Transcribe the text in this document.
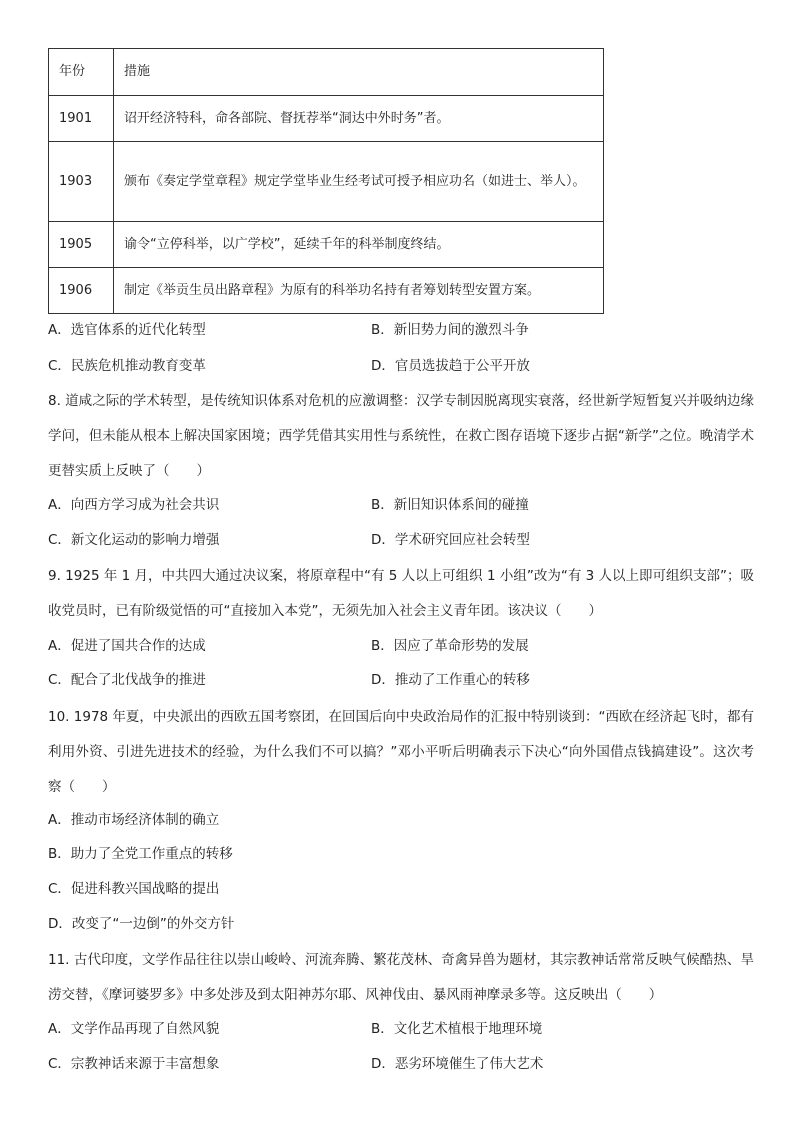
年份	措施
1901	诏开经济特科，命各部院、督抚荐举“洞达中外时务”者。
1903	颁布《奏定学堂章程》规定学堂毕业生经考试可授予相应功名（如进士、举人）。
1905	谕令“立停科举，以广学校”，延续千年的科举制度终结。
1906	制定《举贡生员出路章程》为原有的科举功名持有者筹划转型安置方案。
A．选官体系的近代化转型	B．新旧势力间的激烈斗争
C．民族危机推动教育变革	D．官员选拔趋于公平开放
8. 道咸之际的学术转型，是传统知识体系对危机的应激调整：汉学专制因脱离现实衰落，经世新学短暂复兴并吸纳边缘学问，但未能从根本上解决国家困境；西学凭借其实用性与系统性，在救亡图存语境下逐步占据“新学”之位。晚清学术更替实质上反映了（　　）
A．向西方学习成为社会共识	B．新旧知识体系间的碰撞
C．新文化运动的影响力增强	D．学术研究回应社会转型
9. 1925 年 1 月，中共四大通过决议案，将原章程中“有 5 人以上可组织 1 小组”改为“有 3 人以上即可组织支部”；吸收党员时，已有阶级觉悟的可“直接加入本党”，无须先加入社会主义青年团。该决议（　　）
A．促进了国共合作的达成	B．因应了革命形势的发展
C．配合了北伐战争的推进	D．推动了工作重心的转移
10. 1978 年夏，中央派出的西欧五国考察团，在回国后向中央政治局作的汇报中特别谈到：“西欧在经济起飞时，都有利用外资、引进先进技术的经验，为什么我们不可以搞？”邓小平听后明确表示下决心“向外国借点钱搞建设”。这次考察（　　）
A．推动市场经济体制的确立
B．助力了全党工作重点的转移
C．促进科教兴国战略的提出
D．改变了“一边倒”的外交方针
11. 古代印度，文学作品往往以崇山峻岭、河流奔腾、繁花茂林、奇禽异兽为题材，其宗教神话常常反映气候酷热、旱涝交替，《摩诃婆罗多》中多处涉及到太阳神苏尔耶、风神伐由、暴风雨神摩录多等。这反映出（　　）
A．文学作品再现了自然风貌	B．文化艺术植根于地理环境
C．宗教神话来源于丰富想象	D．恶劣环境催生了伟大艺术
